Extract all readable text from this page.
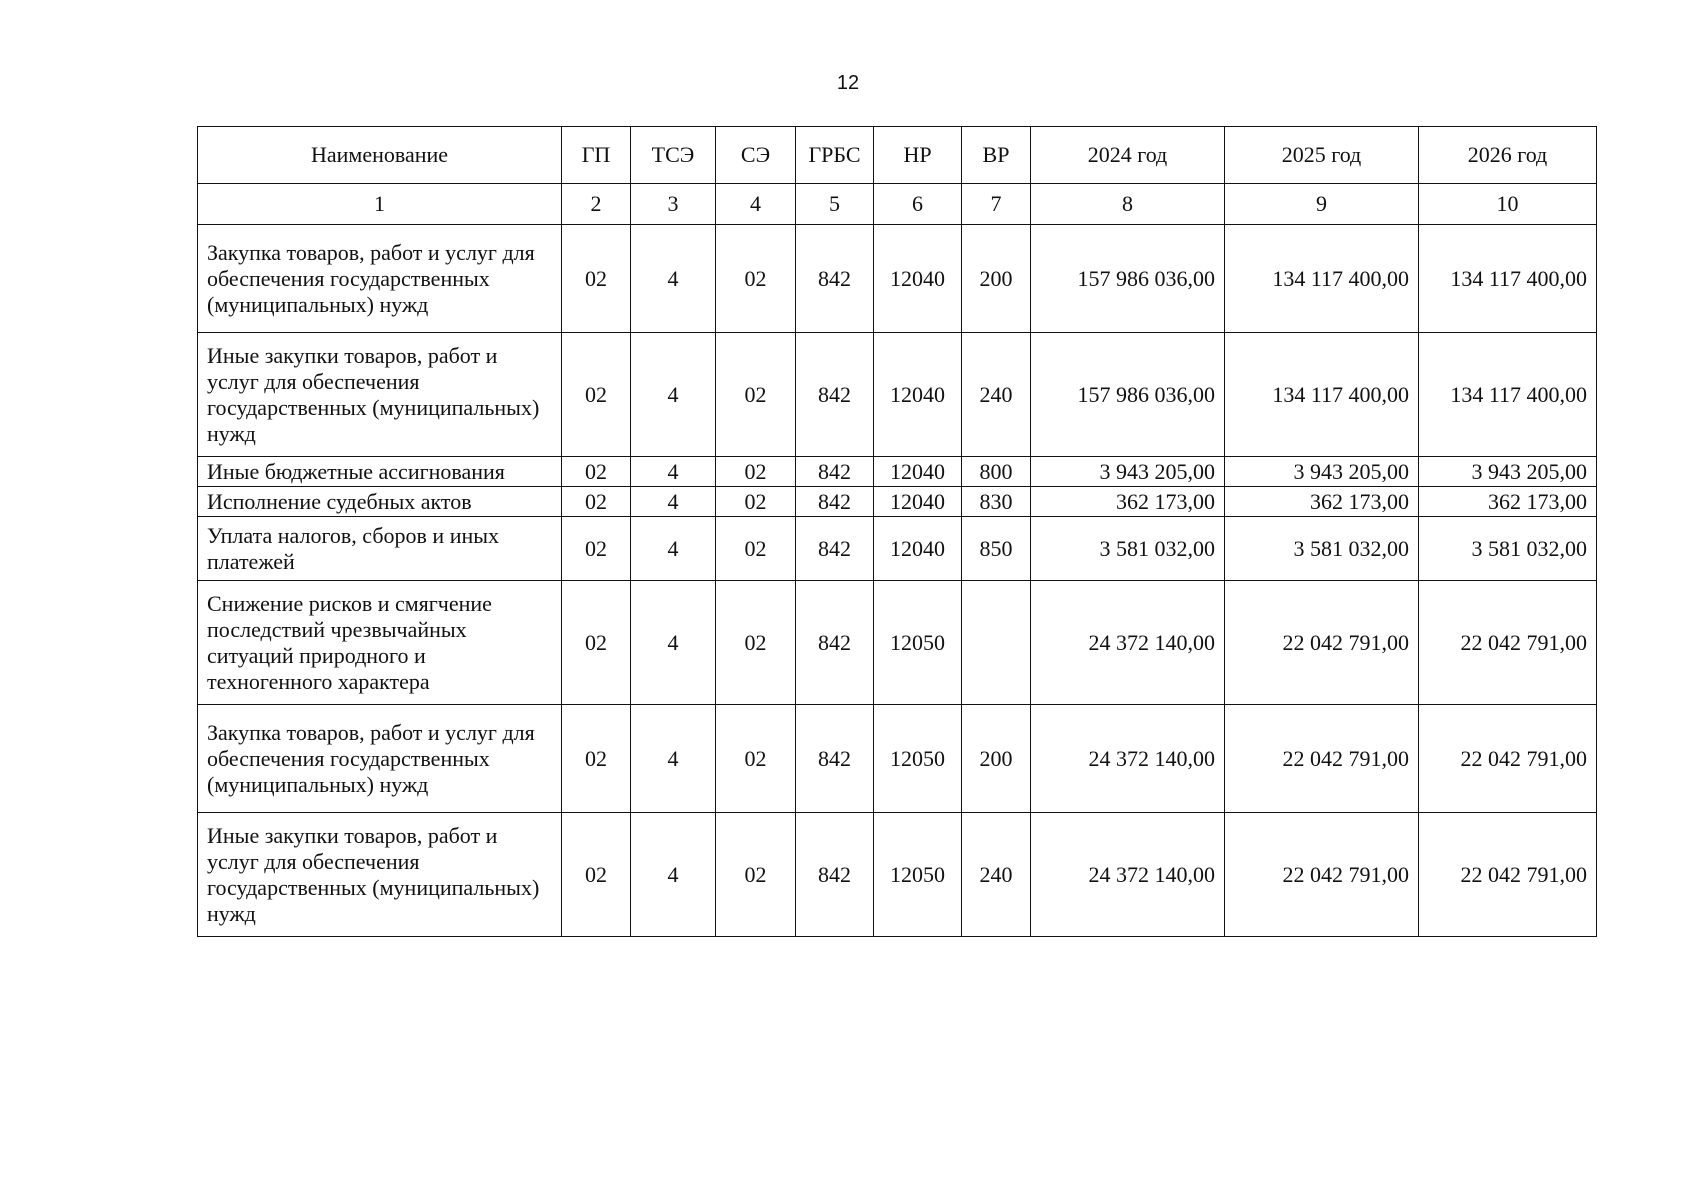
12
Наименование	ГП	ТСЭ	СЭ	ГРБС	НР	ВР	2024 год	2025 год	2026 год
1	2	3	4	5	6	7	8	9	10
Закупка товаров, работ и услуг для обеспечения государственных (муниципальных) нужд	02	4	02	842	12040	200	157 986 036,00	134 117 400,00	134 117 400,00
Иные закупки товаров, работ и услуг для обеспечения государственных (муниципальных) нужд	02	4	02	842	12040	240	157 986 036,00	134 117 400,00	134 117 400,00
Иные бюджетные ассигнования	02	4	02	842	12040	800	3 943 205,00	3 943 205,00	3 943 205,00
Исполнение судебных актов	02	4	02	842	12040	830	362 173,00	362 173,00	362 173,00
Уплата налогов, сборов и иных платежей	02	4	02	842	12040	850	3 581 032,00	3 581 032,00	3 581 032,00
Снижение рисков и смягчение последствий чрезвычайных ситуаций природного и техногенного характера	02	4	02	842	12050		24 372 140,00	22 042 791,00	22 042 791,00
Закупка товаров, работ и услуг для обеспечения государственных (муниципальных) нужд	02	4	02	842	12050	200	24 372 140,00	22 042 791,00	22 042 791,00
Иные закупки товаров, работ и услуг для обеспечения государственных (муниципальных) нужд	02	4	02	842	12050	240	24 372 140,00	22 042 791,00	22 042 791,00
